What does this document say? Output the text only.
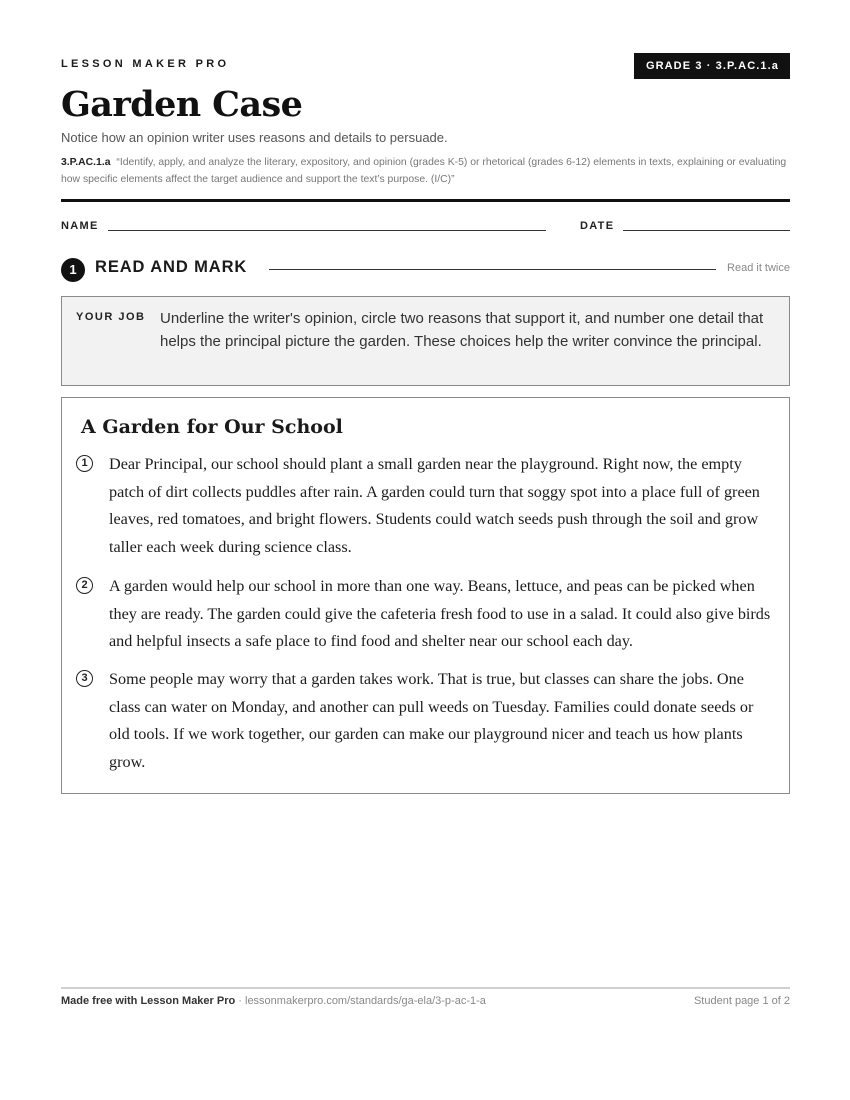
LESSON MAKER PRO	GRADE 3 · 3.P.AC.1.a
Garden Case
Notice how an opinion writer uses reasons and details to persuade.
3.P.AC.1.a “Identify, apply, and analyze the literary, expository, and opinion (grades K-5) or rhetorical (grades 6-12) elements in texts, explaining or evaluating how specific elements affect the target audience and support the text’s purpose. (I/C)”
NAME	DATE
1	READ AND MARK	Read it twice
YOUR JOB Underline the writer's opinion, circle two reasons that support it, and number one detail that helps the principal picture the garden. These choices help the writer convince the principal.
A Garden for Our School
1	Dear Principal, our school should plant a small garden near the playground. Right now, the empty patch of dirt collects puddles after rain. A garden could turn that soggy spot into a place full of green leaves, red tomatoes, and bright flowers. Students could watch seeds push through the soil and grow taller each week during science class.
2	A garden would help our school in more than one way. Beans, lettuce, and peas can be picked when they are ready. The garden could give the cafeteria fresh food to use in a salad. It could also give birds and helpful insects a safe place to find food and shelter near our school each day.
3	Some people may worry that a garden takes work. That is true, but classes can share the jobs. One class can water on Monday, and another can pull weeds on Tuesday. Families could donate seeds or old tools. If we work together, our garden can make our playground nicer and teach us how plants grow.
Made free with Lesson Maker Pro · lessonmakerpro.com/standards/ga-ela/3-p-ac-1-a	Student page 1 of 2
